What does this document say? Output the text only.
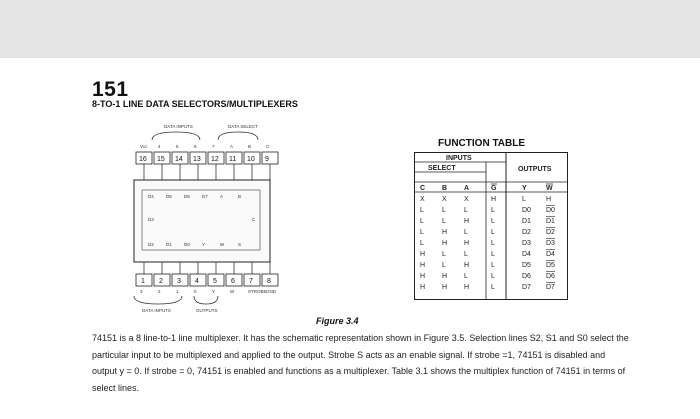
151
8-TO-1 LINE DATA SELECTORS/MULTIPLEXERS
DATA INPUTS	DATA SELECT
Vcc 4	5	6	7	A	B	C
16 15 14 13 12 11 10 9
D4	D5	D6	D7	A	B
D3	C
D2	D1	D0	Y	W	S
1 2 3 4 5 6 7 8
3	2	1	0	Y	W	STROBE GND
DATA INPUTS	OUTPUTS
FUNCTION TABLE
INPUTS
SELECT	OUTPUTS
C B A	G	Y	W
X X X	H	L	H
L	L	L	L	D0 D0
L	L	H	L	D1 D1
L	H L	L	D2 D2
L	H H	L	D3 D3
H L	L	L	D4 D4
H L	H	L	D5 D5
H H L	L	D6 D6
H H H	L	D7 D7
Figure 3.4
74151 is a 8 line-to-1 line multiplexer. It has the schematic representation shown in Figure 3.5. Selection lines S2, S1 and S0 select the particular input to be multiplexed and applied to the output. Strobe S acts as an enable signal. If strobe =1, 74151 is disabled and output y = 0. If strobe = 0, 74151 is enabled and functions as a multiplexer. Table 3.1 shows the multiplex function of 74151 in terms of select lines.
